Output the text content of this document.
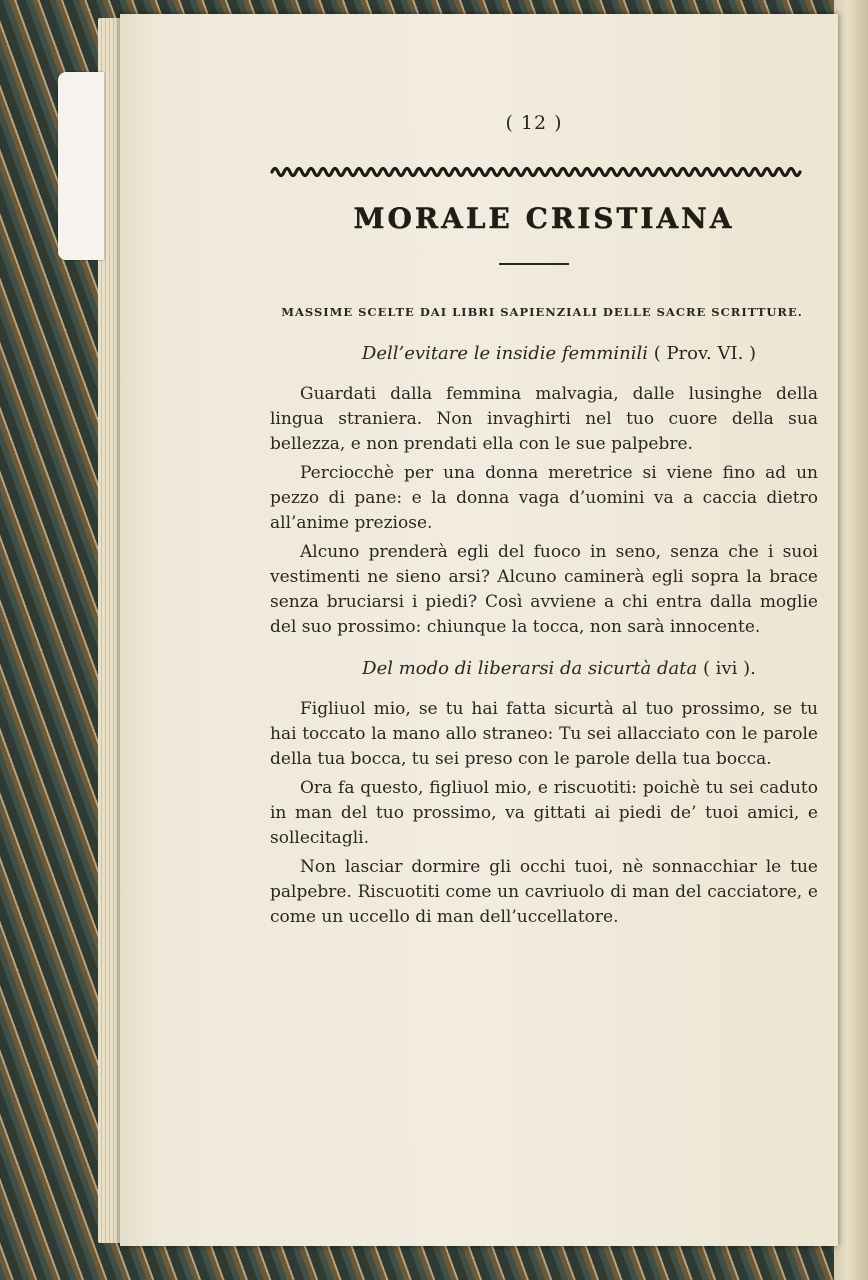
( 12 )
MORALE CRISTIANA
MASSIME SCELTE DAI LIBRI SAPIENZIALI DELLE SACRE SCRITTURE.
Dell’evitare le insidie femminili ( Prov. VI. )

Guardati dalla femmina malvagia, dalle lusinghe della lingua straniera. Non invaghirti nel tuo cuore della sua bellezza, e non prendati ella con le sue palpebre.

Perciocchè per una donna meretrice si viene fino ad un pezzo di pane: e la donna vaga d’uomini va a caccia dietro all’anime preziose.

Alcuno prenderà egli del fuoco in seno, senza che i suoi vestimenti ne sieno arsi? Alcuno caminerà egli sopra la brace senza bruciarsi i piedi? Così avviene a chi entra dalla moglie del suo prossimo: chiunque la tocca, non sarà innocente.

Del modo di liberarsi da sicurtà data ( ivi ).

Figliuol mio, se tu hai fatta sicurtà al tuo prossimo, se tu hai toccato la mano allo straneo: Tu sei allacciato con le parole della tua bocca, tu sei preso con le parole della tua bocca.

Ora fa questo, figliuol mio, e riscuotiti: poichè tu sei caduto in man del tuo prossimo, va gittati ai piedi de’ tuoi amici, e sollecitagli.

Non lasciar dormire gli occhi tuoi, nè sonnacchiar le tue palpebre. Riscuotiti come un cavriuolo di man del cacciatore, e come un uccello di man dell’uccellatore.
